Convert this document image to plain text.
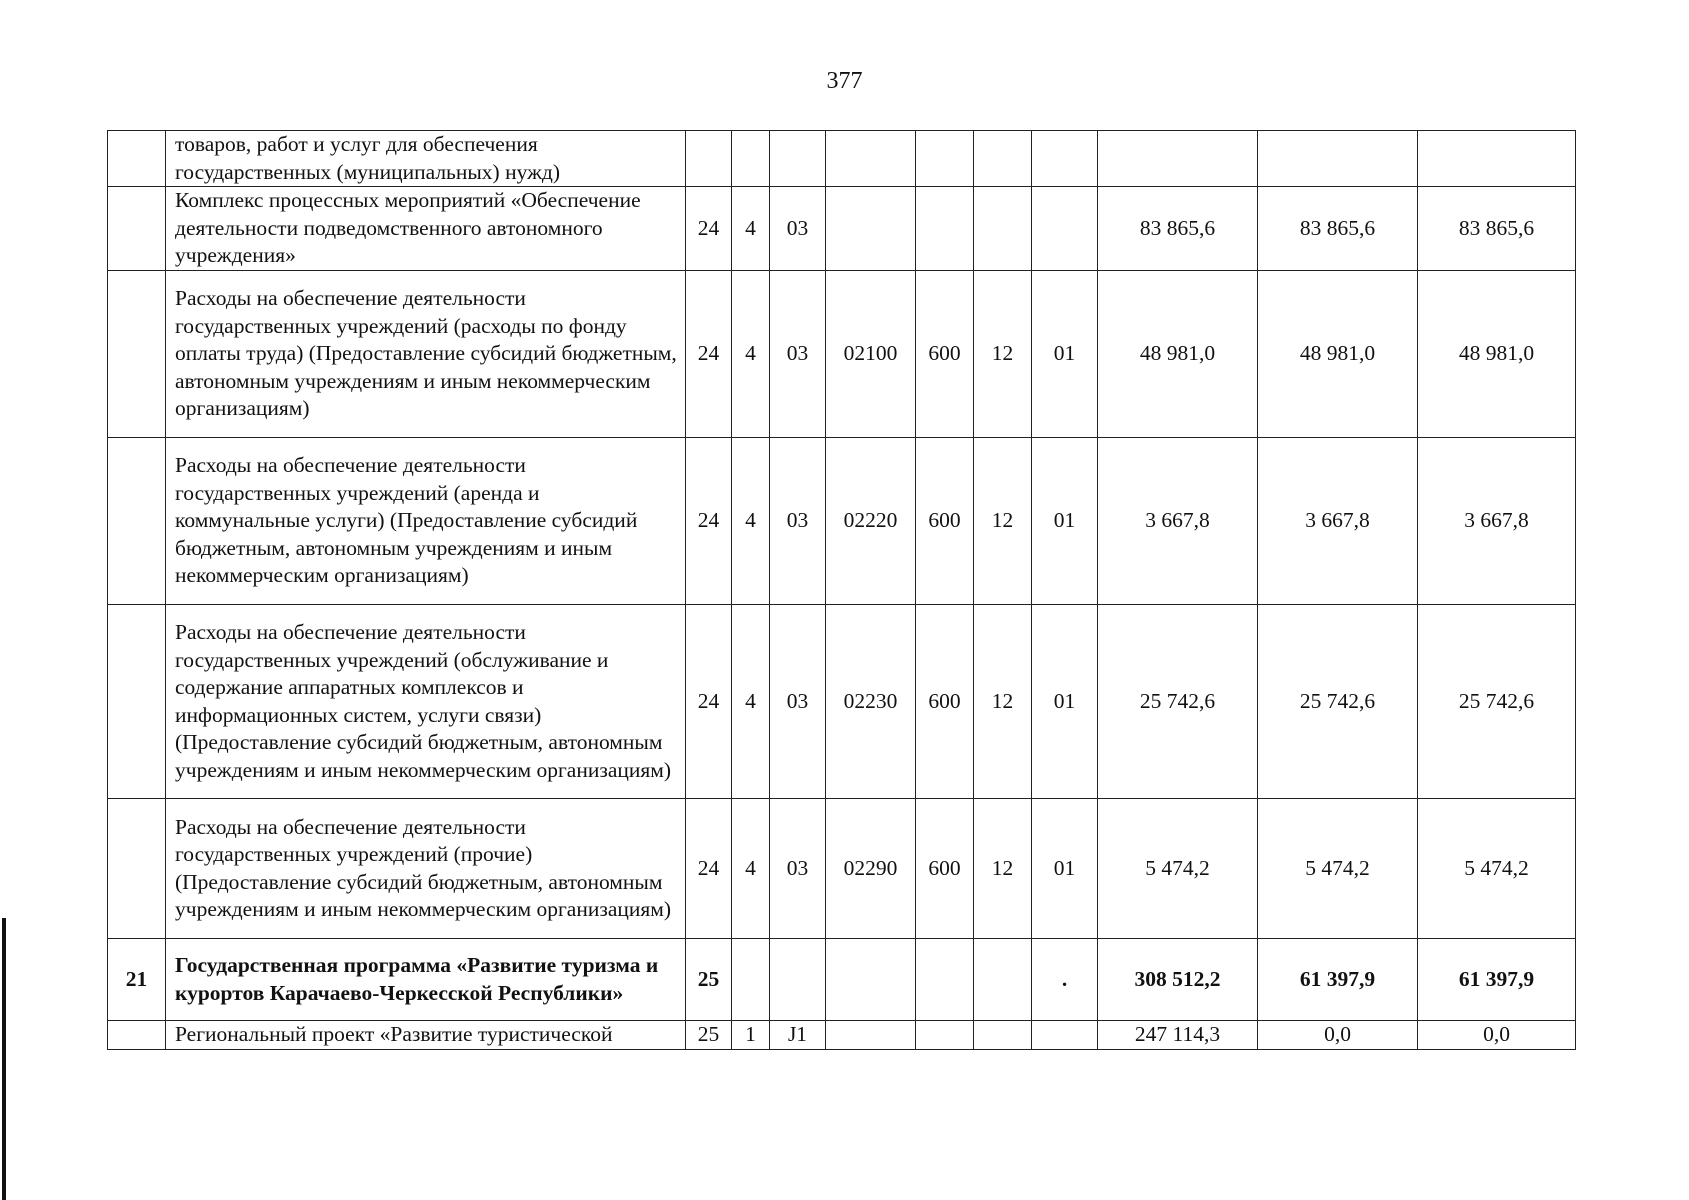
377
	товаров, работ и услуг для обеспечения государственных (муниципальных) нужд)										
	Комплекс процессных мероприятий «Обеспечение деятельности подведомственного автономного учреждения»	24	4	03					83 865,6	83 865,6	83 865,6
	Расходы на обеспечение деятельности государственных учреждений (расходы по фонду оплаты труда) (Предоставление субсидий бюджетным, автономным учреждениям и иным некоммерческим организациям)	24	4	03	02100	600	12	01	48 981,0	48 981,0	48 981,0
	Расходы на обеспечение деятельности государственных учреждений (аренда и коммунальные услуги) (Предоставление субсидий бюджетным, автономным учреждениям и иным некоммерческим организациям)	24	4	03	02220	600	12	01	3 667,8	3 667,8	3 667,8
	Расходы на обеспечение деятельности государственных учреждений (обслуживание и содержание аппаратных комплексов и информационных систем, услуги связи) (Предоставление субсидий бюджетным, автономным учреждениям и иным некоммерческим организациям)	24	4	03	02230	600	12	01	25 742,6	25 742,6	25 742,6
	Расходы на обеспечение деятельности государственных учреждений (прочие) (Предоставление субсидий бюджетным, автономным учреждениям и иным некоммерческим организациям)	24	4	03	02290	600	12	01	5 474,2	5 474,2	5 474,2
21	Государственная программа «Развитие туризма и курортов Карачаево-Черкесской Республики»	25						.	308 512,2	61 397,9	61 397,9
	Региональный проект «Развитие туристической	25	1	J1					247 114,3	0,0	0,0
